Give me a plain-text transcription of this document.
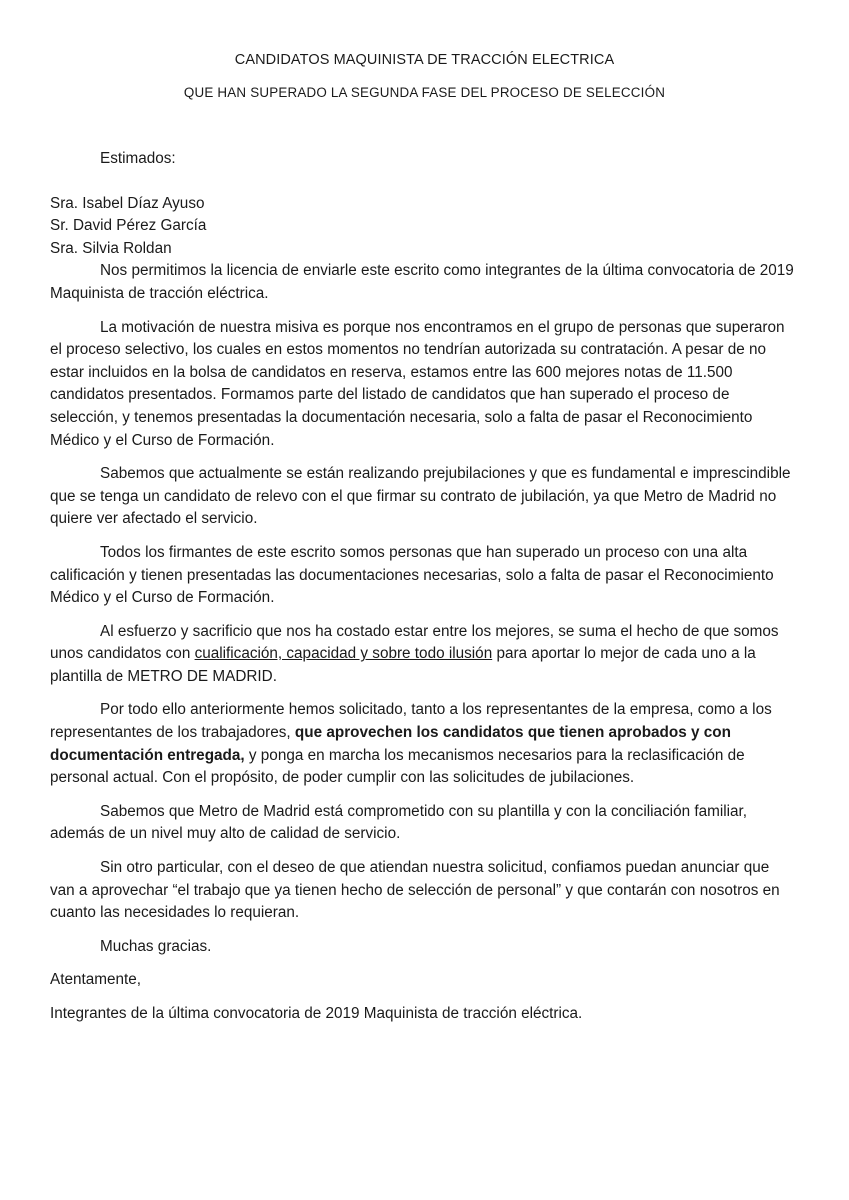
CANDIDATOS MAQUINISTA DE TRACCIÓN ELECTRICA
QUE HAN SUPERADO LA SEGUNDA FASE DEL PROCESO DE SELECCIÓN

Estimados:

Sra. Isabel Díaz Ayuso

Sr. David Pérez García

Sra. Silvia Roldan

Nos permitimos la licencia de enviarle este escrito como integrantes de la última convocatoria de 2019 Maquinista de tracción eléctrica.

La motivación de nuestra misiva es porque nos encontramos en el grupo de personas que superaron el proceso selectivo, los cuales en estos momentos no tendrían autorizada su contratación. A pesar de no estar incluidos en la bolsa de candidatos en reserva, estamos entre las 600 mejores notas de 11.500 candidatos presentados. Formamos parte del listado de candidatos que han superado el proceso de selección, y tenemos presentadas la documentación necesaria, solo a falta de pasar el Reconocimiento Médico y el Curso de Formación.

Sabemos que actualmente se están realizando prejubilaciones y que es fundamental e imprescindible que se tenga un candidato de relevo con el que firmar su contrato de jubilación, ya que Metro de Madrid no quiere ver afectado el servicio.

Todos los firmantes de este escrito somos personas que han superado un proceso con una alta calificación y tienen presentadas las documentaciones necesarias, solo a falta de pasar el Reconocimiento Médico y el Curso de Formación.

Al esfuerzo y sacrificio que nos ha costado estar entre los mejores, se suma el hecho de que somos unos candidatos con cualificación, capacidad y sobre todo ilusión para aportar lo mejor de cada uno a la plantilla de METRO DE MADRID.

Por todo ello anteriormente hemos solicitado, tanto a los representantes de la empresa, como a los representantes de los trabajadores, que aprovechen los candidatos que tienen aprobados y con documentación entregada, y ponga en marcha los mecanismos necesarios para la reclasificación de personal actual. Con el propósito, de poder cumplir con las solicitudes de jubilaciones.

Sabemos que Metro de Madrid está comprometido con su plantilla y con la conciliación familiar, además de un nivel muy alto de calidad de servicio.

Sin otro particular, con el deseo de que atiendan nuestra solicitud, confiamos puedan anunciar que van a aprovechar “el trabajo que ya tienen hecho de selección de personal” y que contarán con nosotros en cuanto las necesidades lo requieran.

Muchas gracias.

Atentamente,

Integrantes de la última convocatoria de 2019 Maquinista de tracción eléctrica.
